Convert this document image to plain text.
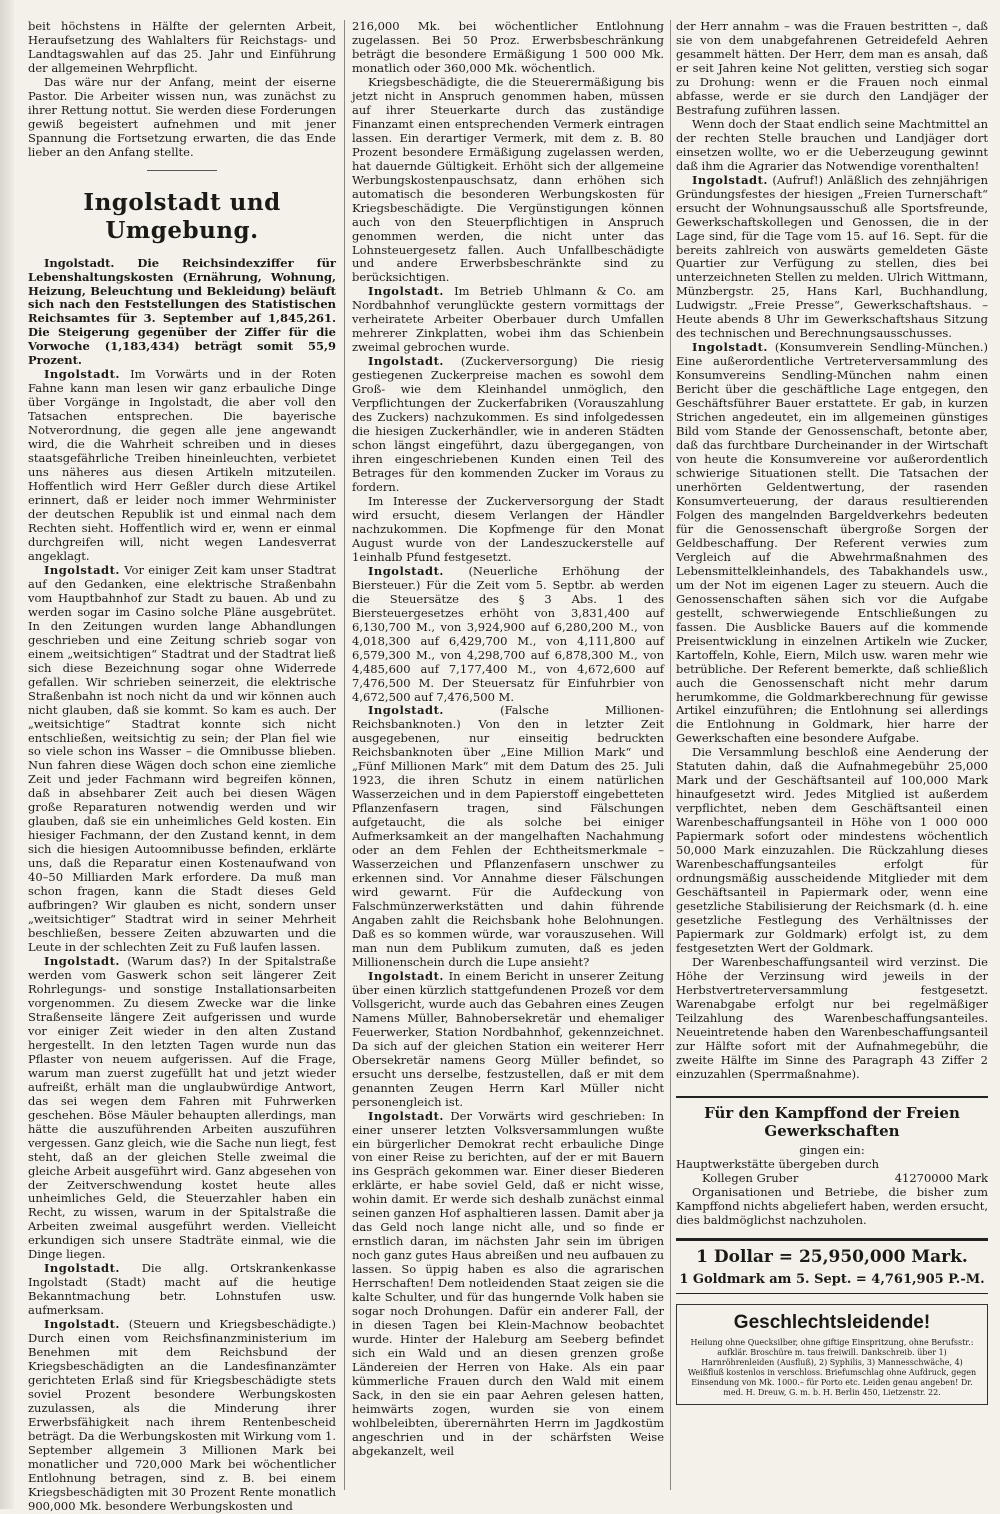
beit höchstens in Hälfte der gelernten Arbeit, Heraufsetzung des Wahlalters für Reichstags- und Landtagswahlen auf das 25. Jahr und Einführung der allgemeinen Wehrpflicht.

Das wäre nur der Anfang, meint der eiserne Pastor. Die Arbeiter wissen nun, was zunächst zu ihrer Rettung nottut. Sie werden diese Forderungen gewiß begeistert aufnehmen und mit jener Spannung die Fortsetzung erwarten, die das Ende lieber an den Anfang stellte.

Ingolstadt und Umgebung.

Ingolstadt. Die Reichsindexziffer für Lebenshaltungskosten (Ernährung, Wohnung, Heizung, Beleuchtung und Bekleidung) beläuft sich nach den Feststellungen des Statistischen Reichsamtes für 3. September auf 1,845,261. Die Steigerung gegenüber der Ziffer für die Vorwoche (1,183,434) beträgt somit 55,9 Prozent.

Ingolstadt. Im Vorwärts und in der Roten Fahne kann man lesen wir ganz erbauliche Dinge über Vorgänge in Ingolstadt, die aber voll den Tatsachen entsprechen. Die bayerische Notverordnung, die gegen alle jene angewandt wird, die die Wahrheit schreiben und in dieses staatsgefährliche Treiben hineinleuchten, verbietet uns näheres aus diesen Artikeln mitzuteilen. Hoffentlich wird Herr Geßler durch diese Artikel erinnert, daß er leider noch immer Wehrminister der deutschen Republik ist und einmal nach dem Rechten sieht. Hoffentlich wird er, wenn er einmal durchgreifen will, nicht wegen Landesverrat angeklagt.

Ingolstadt. Vor einiger Zeit kam unser Stadtrat auf den Gedanken, eine elektrische Straßenbahn vom Hauptbahnhof zur Stadt zu bauen. Ab und zu werden sogar im Casino solche Pläne ausgebrütet. In den Zeitungen wurden lange Abhandlungen geschrieben und eine Zeitung schrieb sogar von einem „weitsichtigen“ Stadtrat und der Stadtrat ließ sich diese Bezeichnung sogar ohne Widerrede gefallen. Wir schrieben seinerzeit, die elektrische Straßenbahn ist noch nicht da und wir können auch nicht glauben, daß sie kommt. So kam es auch. Der „weitsichtige“ Stadtrat konnte sich nicht entschließen, weitsichtig zu sein; der Plan fiel wie so viele schon ins Wasser – die Omnibusse blieben. Nun fahren diese Wägen doch schon eine ziemliche Zeit und jeder Fachmann wird begreifen können, daß in absehbarer Zeit auch bei diesen Wägen große Reparaturen notwendig werden und wir glauben, daß sie ein unheimliches Geld kosten. Ein hiesiger Fachmann, der den Zustand kennt, in dem sich die hiesigen Autoomnibusse befinden, erklärte uns, daß die Reparatur einen Kostenaufwand von 40–50 Milliarden Mark erfordere. Da muß man schon fragen, kann die Stadt dieses Geld aufbringen? Wir glauben es nicht, sondern unser „weitsichtiger“ Stadtrat wird in seiner Mehrheit beschließen, bessere Zeiten abzuwarten und die Leute in der schlechten Zeit zu Fuß laufen lassen.

Ingolstadt. (Warum das?) In der Spitalstraße werden vom Gaswerk schon seit längerer Zeit Rohrlegungs- und sonstige Installationsarbeiten vorgenommen. Zu diesem Zwecke war die linke Straßenseite längere Zeit aufgerissen und wurde vor einiger Zeit wieder in den alten Zustand hergestellt. In den letzten Tagen wurde nun das Pflaster von neuem aufgerissen. Auf die Frage, warum man zuerst zugefüllt hat und jetzt wieder aufreißt, erhält man die unglaubwürdige Antwort, das sei wegen dem Fahren mit Fuhrwerken geschehen. Böse Mäuler behaupten allerdings, man hätte die auszuführenden Arbeiten auszuführen vergessen. Ganz gleich, wie die Sache nun liegt, fest steht, daß an der gleichen Stelle zweimal die gleiche Arbeit ausgeführt wird. Ganz abgesehen von der Zeitverschwendung kostet heute alles unheimliches Geld, die Steuerzahler haben ein Recht, zu wissen, warum in der Spitalstraße die Arbeiten zweimal ausgeführt werden. Vielleicht erkundigen sich unsere Stadträte einmal, wie die Dinge liegen.

Ingolstadt. Die allg. Ortskrankenkasse Ingolstadt (Stadt) macht auf die heutige Bekanntmachung betr. Lohnstufen usw. aufmerksam.

Ingolstadt. (Steuern und Kriegsbeschädigte.) Durch einen vom Reichsfinanzministerium im Benehmen mit dem Reichsbund der Kriegsbeschädigten an die Landesfinanzämter gerichteten Erlaß sind für Kriegsbeschädigte stets soviel Prozent besondere Werbungskosten zuzulassen, als die Minderung ihrer Erwerbsfähigkeit nach ihrem Rentenbescheid beträgt. Da die Werbungskosten mit Wirkung vom 1. September allgemein 3 Millionen Mark bei monatlicher und 720,000 Mark bei wöchentlicher Entlohnung betragen, sind z. B. bei einem Kriegsbeschädigten mit 30 Prozent Rente monatlich 900,000 Mk. besondere Werbungskosten und

216,000 Mk. bei wöchentlicher Entlohnung zugelassen. Bei 50 Proz. Erwerbsbeschränkung beträgt die besondere Ermäßigung 1 500 000 Mk. monatlich oder 360,000 Mk. wöchentlich.

Kriegsbeschädigte, die die Steuerermäßigung bis jetzt nicht in Anspruch genommen haben, müssen auf ihrer Steuerkarte durch das zuständige Finanzamt einen entsprechenden Vermerk eintragen lassen. Ein derartiger Vermerk, mit dem z. B. 80 Prozent besondere Ermäßigung zugelassen werden, hat dauernde Gültigkeit. Erhöht sich der allgemeine Werbungskostenpauschsatz, dann erhöhen sich automatisch die besonderen Werbungskosten für Kriegsbeschädigte. Die Vergünstigungen können auch von den Steuerpflichtigen in Anspruch genommen werden, die nicht unter das Lohnsteuergesetz fallen. Auch Unfallbeschädigte und andere Erwerbsbeschränkte sind zu berücksichtigen.

Ingolstadt. Im Betrieb Uhlmann & Co. am Nordbahnhof verunglückte gestern vormittags der verheiratete Arbeiter Oberbauer durch Umfallen mehrerer Zinkplatten, wobei ihm das Schienbein zweimal gebrochen wurde.

Ingolstadt. (Zuckerversorgung) Die riesig gestiegenen Zuckerpreise machen es sowohl dem Groß- wie dem Kleinhandel unmöglich, den Verpflichtungen der Zuckerfabriken (Vorauszahlung des Zuckers) nachzukommen. Es sind infolgedessen die hiesigen Zuckerhändler, wie in anderen Städten schon längst eingeführt, dazu übergegangen, von ihren eingeschriebenen Kunden einen Teil des Betrages für den kommenden Zucker im Voraus zu fordern.

Im Interesse der Zuckerversorgung der Stadt wird ersucht, diesem Verlangen der Händler nachzukommen. Die Kopfmenge für den Monat August wurde von der Landeszuckerstelle auf 1einhalb Pfund festgesetzt.

Ingolstadt. (Neuerliche Erhöhung der Biersteuer.) Für die Zeit vom 5. Septbr. ab werden die Steuersätze des § 3 Abs. 1 des Biersteuergesetzes erhöht von 3,831,400 auf 6,130,700 M., von 3,924,900 auf 6,280,200 M., von 4,018,300 auf 6,429,700 M., von 4,111,800 auf 6,579,300 M., von 4,298,700 auf 6,878,300 M., von 4,485,600 auf 7,177,400 M., von 4,672,600 auf 7,476,500 M. Der Steuersatz für Einfuhrbier von 4,672,500 auf 7,476,500 M.

Ingolstadt.	(Falsche Millionen-Reichsbanknoten.) Von den in letzter Zeit ausgegebenen, nur einseitig bedruckten Reichsbanknoten über „Eine Million Mark“ und „Fünf Millionen Mark“ mit dem Datum des 25. Juli 1923, die ihren Schutz in einem natürlichen Wasserzeichen und in dem Papierstoff eingebetteten Pflanzenfasern tragen, sind Fälschungen aufgetaucht, die als solche bei einiger Aufmerksamkeit an der mangelhaften Nachahmung oder an dem Fehlen der Echtheitsmerkmale – Wasserzeichen und Pflanzenfasern unschwer zu erkennen sind. Vor Annahme dieser Fälschungen wird gewarnt. Für die Aufdeckung von Falschmünzerwerkstätten und dahin führende Angaben zahlt die Reichsbank hohe Belohnungen. Daß es so kommen würde, war vorauszusehen. Will man nun dem Publikum zumuten, daß es jeden Millionenschein durch die Lupe ansieht?

Ingolstadt. In einem Bericht in unserer Zeitung über einen kürzlich stattgefundenen Prozeß vor dem Vollsgericht, wurde auch das Gebahren eines Zeugen Namens Müller, Bahnobersekretär und ehemaliger Feuerwerker, Station Nordbahnhof, gekennzeichnet. Da sich auf der gleichen Station ein weiterer Herr Obersekretär namens Georg Müller befindet, so ersucht uns derselbe, festzustellen, daß er mit dem genannten Zeugen Herrn Karl Müller nicht personengleich ist.

Ingolstadt. Der Vorwärts wird geschrieben: In einer unserer letzten Volksversammlungen wußte ein bürgerlicher Demokrat recht erbauliche Dinge von einer Reise zu berichten, auf der er mit Bauern ins Gespräch gekommen war. Einer dieser Biederen erklärte, er habe soviel Geld, daß er nicht wisse, wohin damit. Er werde sich deshalb zunächst einmal seinen ganzen Hof asphaltieren lassen. Damit aber ja das Geld noch lange nicht alle, und so finde er ernstlich daran, im nächsten Jahr sein im übrigen noch ganz gutes Haus abreißen und neu aufbauen zu lassen. So üppig haben es also die agrarischen Herrschaften! Dem notleidenden Staat zeigen sie die kalte Schulter, und für das hungernde Volk haben sie sogar noch Drohungen. Dafür ein anderer Fall, der in diesen Tagen bei Klein-Machnow beobachtet wurde. Hinter der Haleburg am Seeberg befindet sich ein Wald und an diesen grenzen große Ländereien der Herren von Hake. Als ein paar kümmerliche Frauen durch den Wald mit einem Sack, in den sie ein paar Aehren gelesen hatten, heimwärts zogen, wurden sie von einem wohlbeleibten, überernährten Herrn im Jagdkostüm angeschrien und in der schärfsten Weise abgekanzelt, weil

der Herr annahm – was die Frauen bestritten –, daß sie von dem unabgefahrenen Getreidefeld Aehren gesammelt hätten. Der Herr, dem man es ansah, daß er seit Jahren keine Not gelitten, verstieg sich sogar zu Drohung: wenn er die Frauen noch einmal abfasse, werde er sie durch den Landjäger der Bestrafung zuführen lassen.

Wenn doch der Staat endlich seine Machtmittel an der rechten Stelle brauchen und Landjäger dort einsetzen wollte, wo er die Ueberzeugung gewinnt daß ihm die Agrarier das Notwendige vorenthalten!

Ingolstadt. (Aufruf!) Anläßlich des zehnjährigen Gründungsfestes der hiesigen „Freien Turnerschaft“ ersucht der Wohnungsausschuß alle Sportsfreunde, Gewerkschaftskollegen und Genossen, die in der Lage sind, für die Tage vom 15. auf 16. Sept. für die bereits zahlreich von auswärts gemeldeten Gäste Quartier zur Verfügung zu stellen, dies bei unterzeichneten Stellen zu melden. Ulrich Wittmann, Münzbergstr. 25, Hans Karl, Buchhandlung, Ludwigstr. „Freie Presse“, Gewerkschaftshaus. – Heute abends 8 Uhr im Gewerkschaftshaus Sitzung des technischen und Berechnungsausschusses.

Ingolstadt. (Konsumverein Sendling-München.) Eine außerordentliche Vertreterversammlung des Konsumvereins Sendling-München nahm einen Bericht über die geschäftliche Lage entgegen, den Geschäftsführer Bauer erstattete. Er gab, in kurzen Strichen angedeutet, ein im allgemeinen günstiges Bild vom Stande der Genossenschaft, betonte aber, daß das furchtbare Durcheinander in der Wirtschaft von heute die Konsumvereine vor außerordentlich schwierige Situationen stellt. Die Tatsachen der unerhörten Geldentwertung, der rasenden Konsumverteuerung, der daraus resultierenden Folgen des mangelnden Bargeldverkehrs bedeuten für die Genossenschaft übergroße Sorgen der Geldbeschaffung. Der Referent verwies zum Vergleich auf die Abwehrmaßnahmen des Lebensmittelkleinhandels, des Tabakhandels usw., um der Not im eigenen Lager zu steuern. Auch die Genossenschaften sähen sich vor die Aufgabe gestellt, schwerwiegende Entschließungen zu fassen. Die Ausblicke Bauers auf die kommende Preisentwicklung in einzelnen Artikeln wie Zucker, Kartoffeln, Kohle, Eiern, Milch usw. waren mehr wie betrübliche. Der Referent bemerkte, daß schließlich auch die Genossenschaft nicht mehr darum herumkomme, die Goldmarkberechnung für gewisse Artikel einzuführen; die Entlohnung sei allerdings die Entlohnung in Goldmark, hier harre der Gewerkschaften eine besondere Aufgabe.

Die Versammlung beschloß eine Aenderung der Statuten dahin, daß die Aufnahmegebühr 25,000 Mark und der Geschäftsanteil auf 100,000 Mark hinaufgesetzt wird. Jedes Mitglied ist außerdem verpflichtet, neben dem Geschäftsanteil einen Warenbeschaffungsanteil in Höhe von 1 000 000 Papiermark sofort oder mindestens wöchentlich 50,000 Mark einzuzahlen. Die Rückzahlung dieses Warenbeschaffungsanteiles erfolgt für ordnungsmäßig ausscheidende Mitglieder mit dem Geschäftsanteil in Papiermark oder, wenn eine gesetzliche Stabilisierung der Reichsmark (d. h. eine gesetzliche Festlegung des Verhältnisses der Papiermark zur Goldmark) erfolgt ist, zu dem festgesetzten Wert der Goldmark.

Der Warenbeschaffungsanteil wird verzinst. Die Höhe der Verzinsung wird jeweils in der Herbstvertreterversammlung festgesetzt. Warenabgabe erfolgt nur bei regelmäßiger Teilzahlung des Warenbeschaffungsanteiles. Neueintretende haben den Warenbeschaffungsanteil zur Hälfte sofort mit der Aufnahmegebühr, die zweite Hälfte im Sinne des Paragraph 43 Ziffer 2 einzuzahlen (Sperrmaßnahme).

Für den Kampffond der Freien Gewerkschaften
gingen ein:
Hauptwerkstätte übergeben durch
Kollegen Gruber	41270000 Mark

Organisationen und Betriebe, die bisher zum Kampffond nichts abgeliefert haben, werden ersucht, dies baldmöglichst nachzuholen.

1 Dollar = 25,950,000 Mark.
1 Goldmark am 5. Sept. = 4,761,905 P.-M.
Geschlechtsleidende!
Heilung ohne Quecksilber, ohne giftige Einspritzung, ohne Berufsstr.: aufklär. Broschüre m. taus freiwill. Dankschreib. über 1) Harnröhrenleiden (Ausfluß), 2) Syphilis, 3) Mannesschwäche, 4) Weißfluß kostenlos in verschloss. Briefumschlag ohne Aufdruck, gegen Einsendung von Mk. 1000.– für Porto etc. Leiden genau angeben! Dr. med. H. Dreuw, G. m. b. H. Berlin 450, Lietzenstr. 22.
